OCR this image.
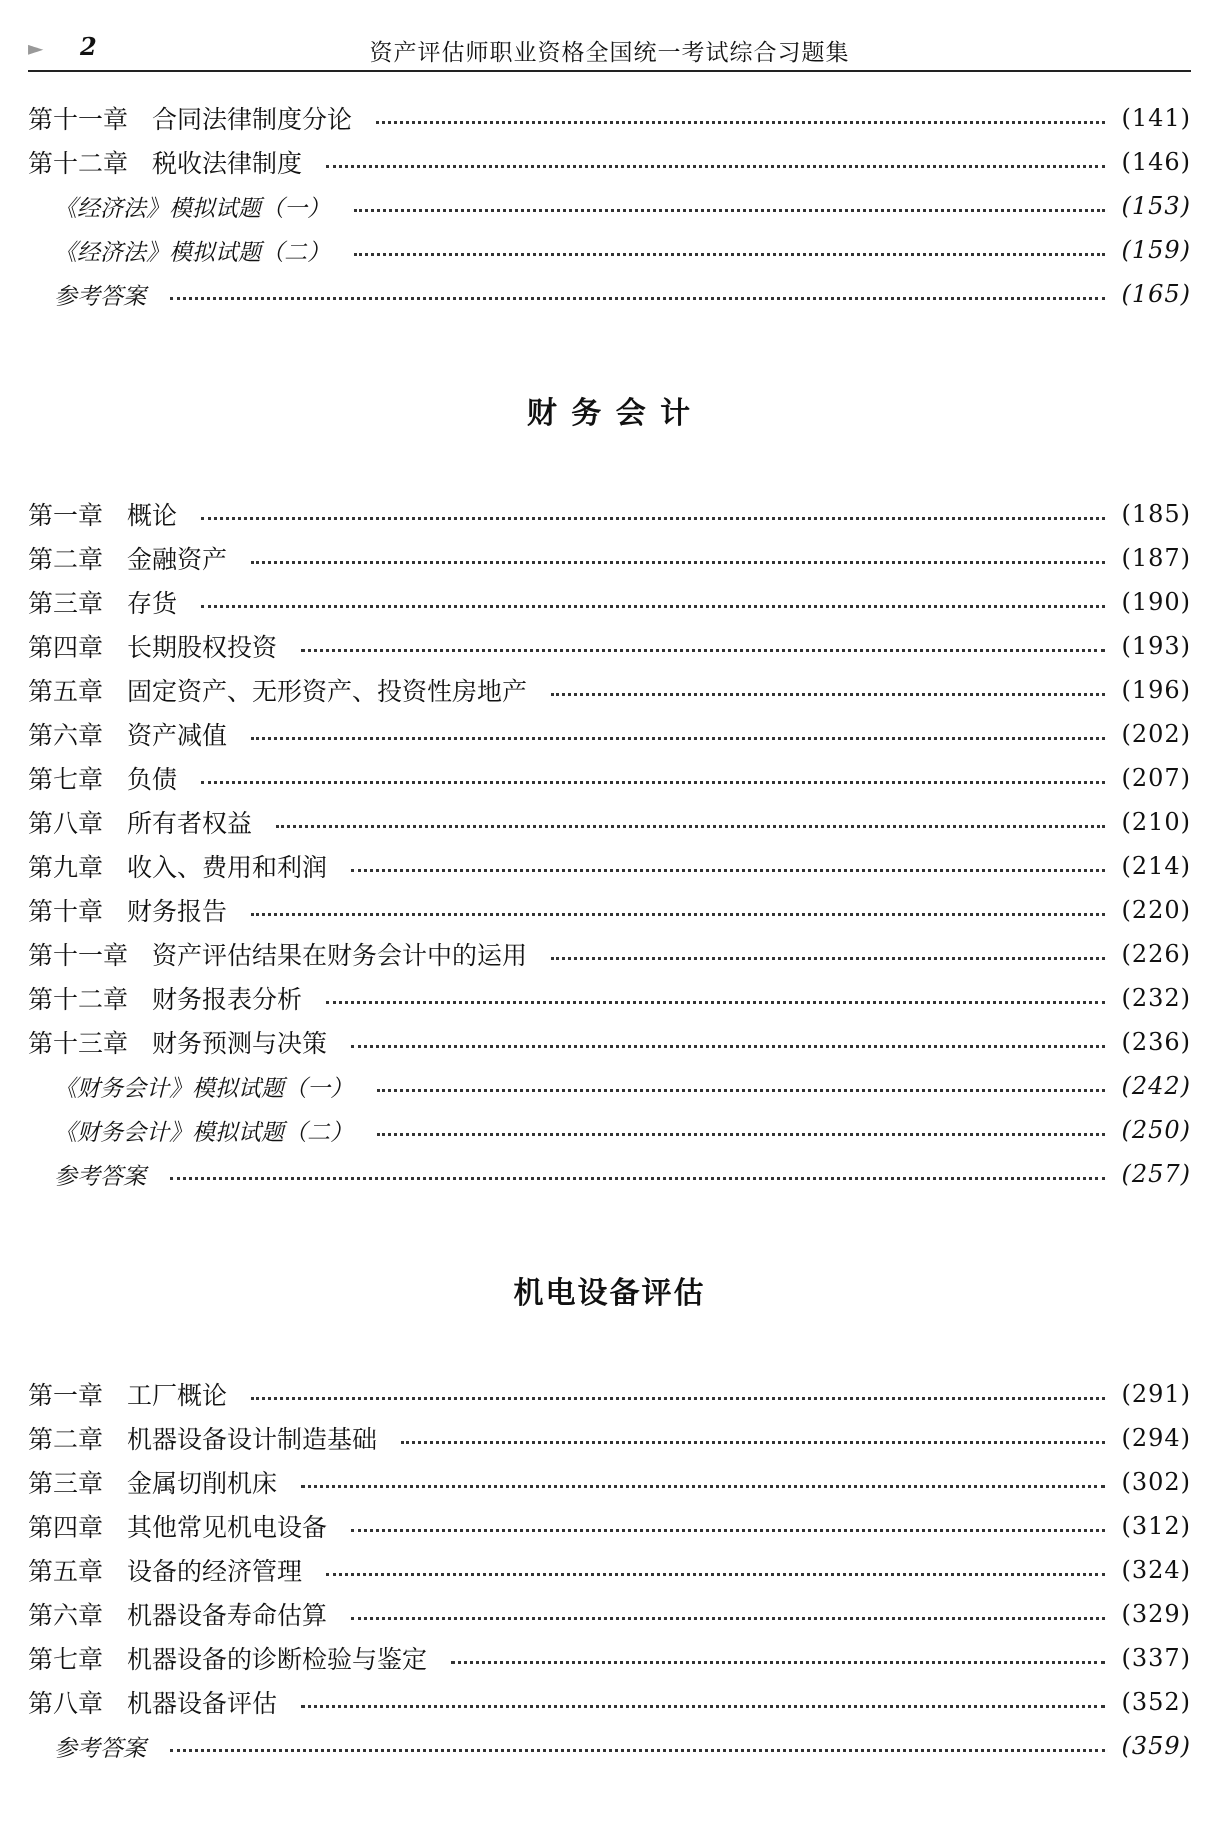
► 2	资产评估师职业资格全国统一考试综合习题集
第十一章 合同法律制度分论	(141)
第十二章 税收法律制度	(146)
《经济法》模拟试题（一）	(153)
《经济法》模拟试题（二）	(159)
参考答案	(165)
财 务 会 计
第一章 概论	(185)
第二章 金融资产	(187)
第三章 存货	(190)
第四章 长期股权投资	(193)
第五章 固定资产、无形资产、投资性房地产	(196)
第六章 资产减值	(202)
第七章 负债	(207)
第八章 所有者权益	(210)
第九章 收入、费用和利润	(214)
第十章 财务报告	(220)
第十一章 资产评估结果在财务会计中的运用	(226)
第十二章 财务报表分析	(232)
第十三章 财务预测与决策	(236)
《财务会计》模拟试题（一）	(242)
《财务会计》模拟试题（二）	(250)
参考答案	(257)
机电设备评估
第一章 工厂概论	(291)
第二章 机器设备设计制造基础	(294)
第三章 金属切削机床	(302)
第四章 其他常见机电设备	(312)
第五章 设备的经济管理	(324)
第六章 机器设备寿命估算	(329)
第七章 机器设备的诊断检验与鉴定	(337)
第八章 机器设备评估	(352)
参考答案	(359)
